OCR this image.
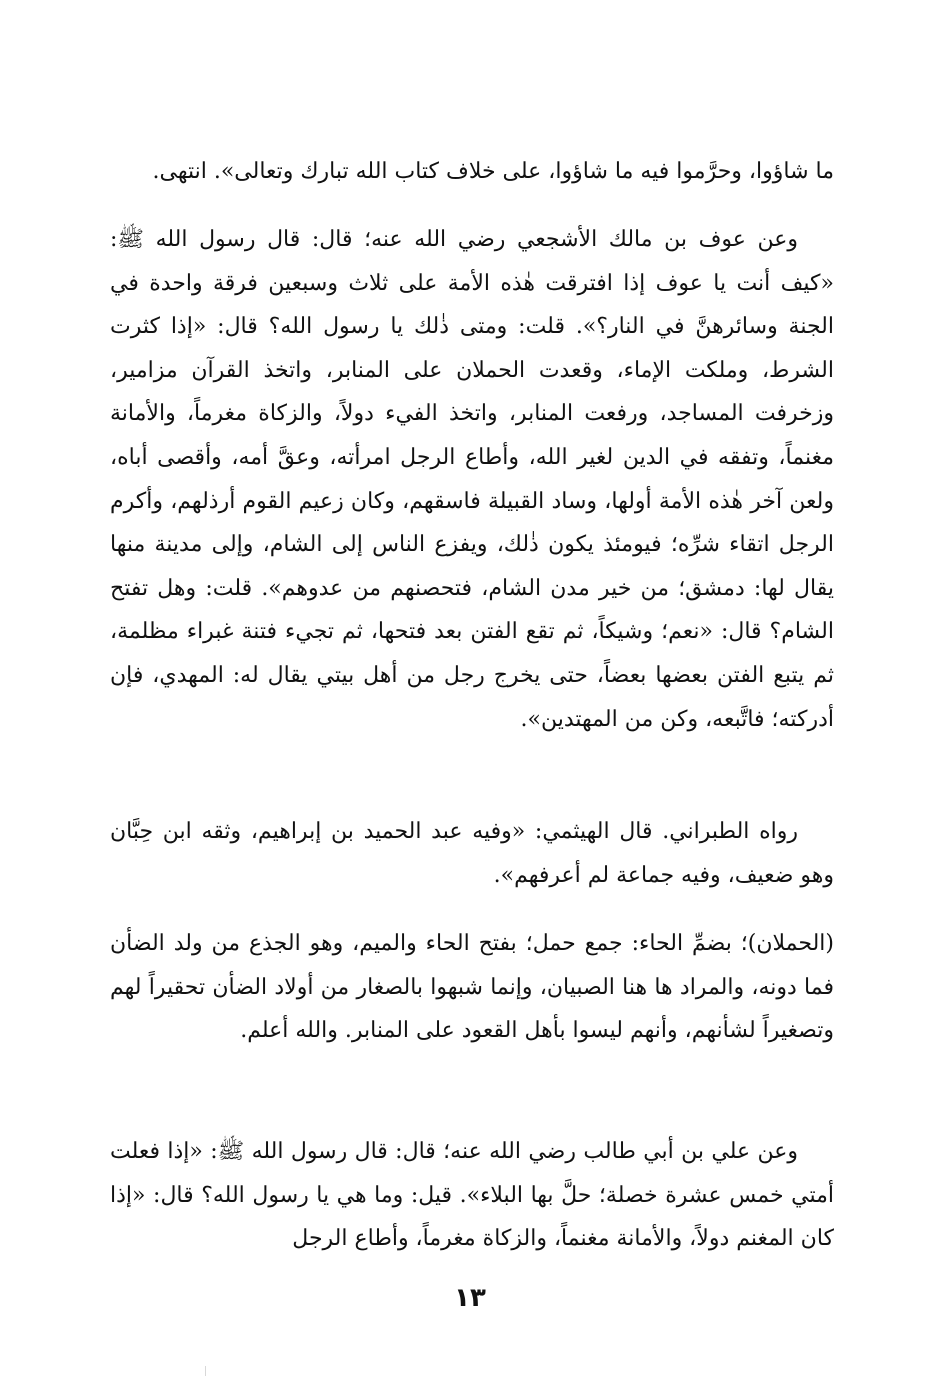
ما شاؤوا، وحرَّموا فيه ما شاؤوا، على خلاف كتاب الله تبارك وتعالى». انتهى.

وعن عوف بن مالك الأشجعي رضي الله عنه؛ قال: قال رسول الله ﷺ: «كيف أنت يا عوف إذا افترقت هٰذه الأمة على ثلاث وسبعين فرقة واحدة في الجنة وسائرهنَّ في النار؟». قلت: ومتى ذٰلك يا رسول الله؟ قال: «إذا كثرت الشرط، وملكت الإماء، وقعدت الحملان على المنابر، واتخذ القرآن مزامير، وزخرفت المساجد، ورفعت المنابر، واتخذ الفيء دولاً، والزكاة مغرماً، والأمانة مغنماً، وتفقه في الدين لغير الله، وأطاع الرجل امرأته، وعقَّ أمه، وأقصى أباه، ولعن آخر هٰذه الأمة أولها، وساد القبيلة فاسقهم، وكان زعيم القوم أرذلهم، وأكرم الرجل اتقاء شرِّه؛ فيومئذ يكون ذٰلك، ويفزع الناس إلى الشام، وإلى مدينة منها يقال لها: دمشق؛ من خير مدن الشام، فتحصنهم من عدوهم». قلت: وهل تفتح الشام؟ قال: «نعم؛ وشيكاً، ثم تقع الفتن بعد فتحها، ثم تجيء فتنة غبراء مظلمة، ثم يتبع الفتن بعضها بعضاً، حتى يخرج رجل من أهل بيتي يقال له: المهدي، فإن أدركته؛ فاتَّبعه، وكن من المهتدين».

رواه الطبراني. قال الهيثمي: «وفيه عبد الحميد بن إبراهيم، وثقه ابن حِبَّان وهو ضعيف، وفيه جماعة لم أعرفهم».

(الحملان)؛ بضمِّ الحاء: جمع حمل؛ بفتح الحاء والميم، وهو الجذع من ولد الضأن فما دونه، والمراد ها هنا الصبيان، وإنما شبهوا بالصغار من أولاد الضأن تحقيراً لهم وتصغيراً لشأنهم، وأنهم ليسوا بأهل القعود على المنابر. والله أعلم.

وعن علي بن أبي طالب رضي الله عنه؛ قال: قال رسول الله ﷺ: «إذا فعلت أمتي خمس عشرة خصلة؛ حلَّ بها البلاء». قيل: وما هي يا رسول الله؟ قال: «إذا كان المغنم دولاً، والأمانة مغنماً، والزكاة مغرماً، وأطاع الرجل

١٣
